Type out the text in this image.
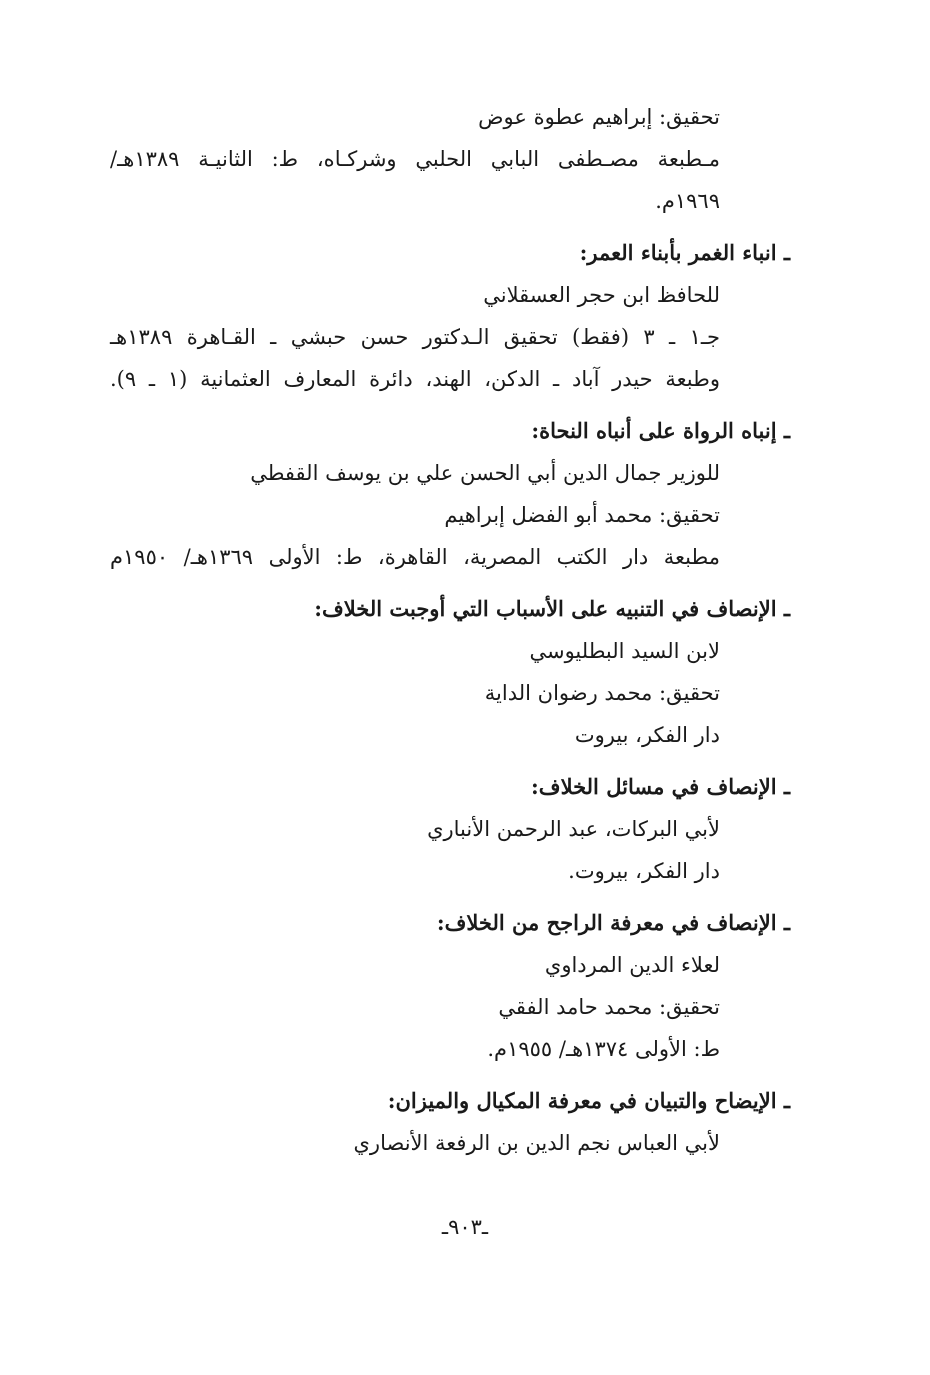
تحقيق: إبراهيم عطوة عوض
مـطبعة مصـطفى البابي الحلبي وشركـاه، ط: الثانيـة ١٣٨٩هـ/
١٩٦٩م.
ـ انباء الغمر بأبناء العمر:
للحافظ ابن حجر العسقلاني
جـ١ ـ ٣ (فقط) تحقيق الـدكتور حسن حبشي ـ القـاهرة ١٣٨٩هـ
وطبعة حيدر آباد ـ الدكن، الهند، دائرة المعارف العثمانية (١ ـ ٩).
ـ إنباه الرواة على أنباه النحاة:
للوزير جمال الدين أبي الحسن علي بن يوسف القفطي
تحقيق: محمد أبو الفضل إبراهيم
مطبعة دار الكتب المصرية، القاهرة، ط: الأولى ١٣٦٩هـ/ ١٩٥٠م
ـ الإنصاف في التنبيه على الأسباب التي أوجبت الخلاف:
لابن السيد البطليوسي
تحقيق: محمد رضوان الداية
دار الفكر، بيروت
ـ الإنصاف في مسائل الخلاف:
لأبي البركات، عبد الرحمن الأنباري
دار الفكر، بيروت.
ـ الإنصاف في معرفة الراجح من الخلاف:
لعلاء الدين المرداوي
تحقيق: محمد حامد الفقي
ط: الأولى ١٣٧٤هـ/ ١٩٥٥م.
ـ الإيضاح والتبيان في معرفة المكيال والميزان:
لأبي العباس نجم الدين بن الرفعة الأنصاري
ـ٩٠٣ـ
